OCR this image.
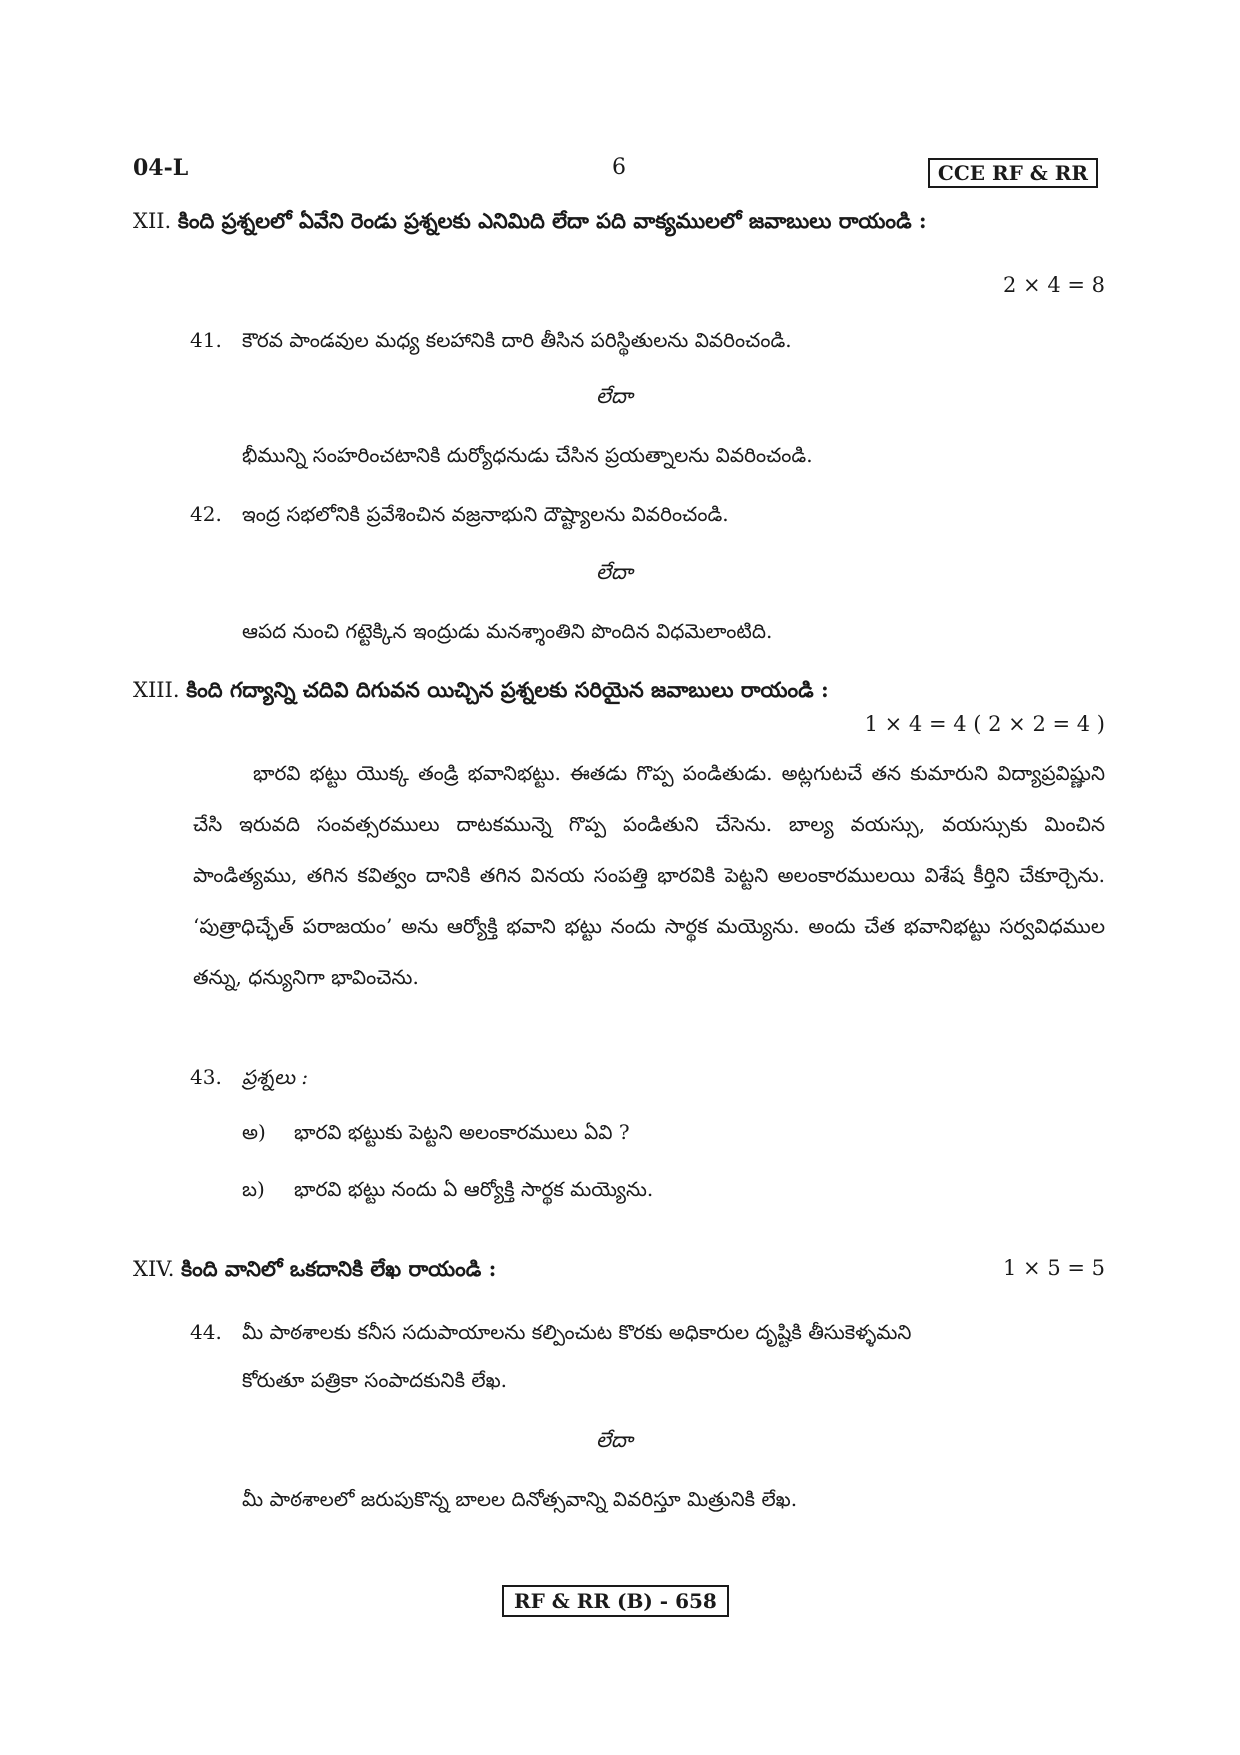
04-L	6	CCE RF & RR
XII. కింది ప్రశ్నలలో ఏవేని రెండు ప్రశ్నలకు ఎనిమిది లేదా పది వాక్యములలో జవాబులు రాయండి :
2 × 4 = 8
41. కౌరవ పాండవుల మధ్య కలహానికి దారి తీసిన పరిస్థితులను వివరించండి.
లేదా
భీమున్ని సంహరించటానికి దుర్యోధనుడు చేసిన ప్రయత్నాలను వివరించండి.
42. ఇంద్ర సభలోనికి ప్రవేశించిన వజ్రనాభుని దౌష్ట్యాలను వివరించండి.
లేదా
ఆపద నుంచి గట్టెక్కిన ఇంద్రుడు మనశ్శాంతిని పొందిన విధమెలాంటిది.
XIII. కింది గద్యాన్ని చదివి దిగువన యిచ్చిన ప్రశ్నలకు సరియైన జవాబులు రాయండి :
1 × 4 = 4 ( 2 × 2 = 4 )
భారవి భట్టు యొక్క తండ్రి భవానిభట్టు. ఈతడు గొప్ప పండితుడు. అట్లగుటచే తన కుమారుని విద్యాప్రవిష్ణుని చేసి ఇరువది సంవత్సరములు దాటకమున్నె గొప్ప పండితుని చేసెను. బాల్య వయస్సు, వయస్సుకు మించిన పాండిత్యము, తగిన కవిత్వం దానికి తగిన వినయ సంపత్తి భారవికి పెట్టని అలంకారములయి విశేష కీర్తిని చేకూర్చెను. ‘పుత్రాధిచ్ఛేత్ పరాజయం’ అను ఆర్యోక్తి భవాని భట్టు నందు సార్థక మయ్యెను. అందు చేత భవానిభట్టు సర్వవిధముల తన్ను, ధన్యునిగా భావించెను.
43. ప్రశ్నలు :
అ) భారవి భట్టుకు పెట్టని అలంకారములు ఏవి ?
బ) భారవి భట్టు నందు ఏ ఆర్యోక్తి సార్థక మయ్యెను.
XIV. కింది వానిలో ఒకదానికి లేఖ రాయండి :	1 × 5 = 5
44. మీ పాఠశాలకు కనీస సదుపాయాలను కల్పించుట కొరకు అధికారుల దృష్టికి తీసుకెళ్ళమని
కోరుతూ పత్రికా సంపాదకునికి లేఖ.
లేదా
మీ పాఠశాలలో జరుపుకొన్న బాలల దినోత్సవాన్ని వివరిస్తూ మిత్రునికి లేఖ.
RF & RR (B) - 658
